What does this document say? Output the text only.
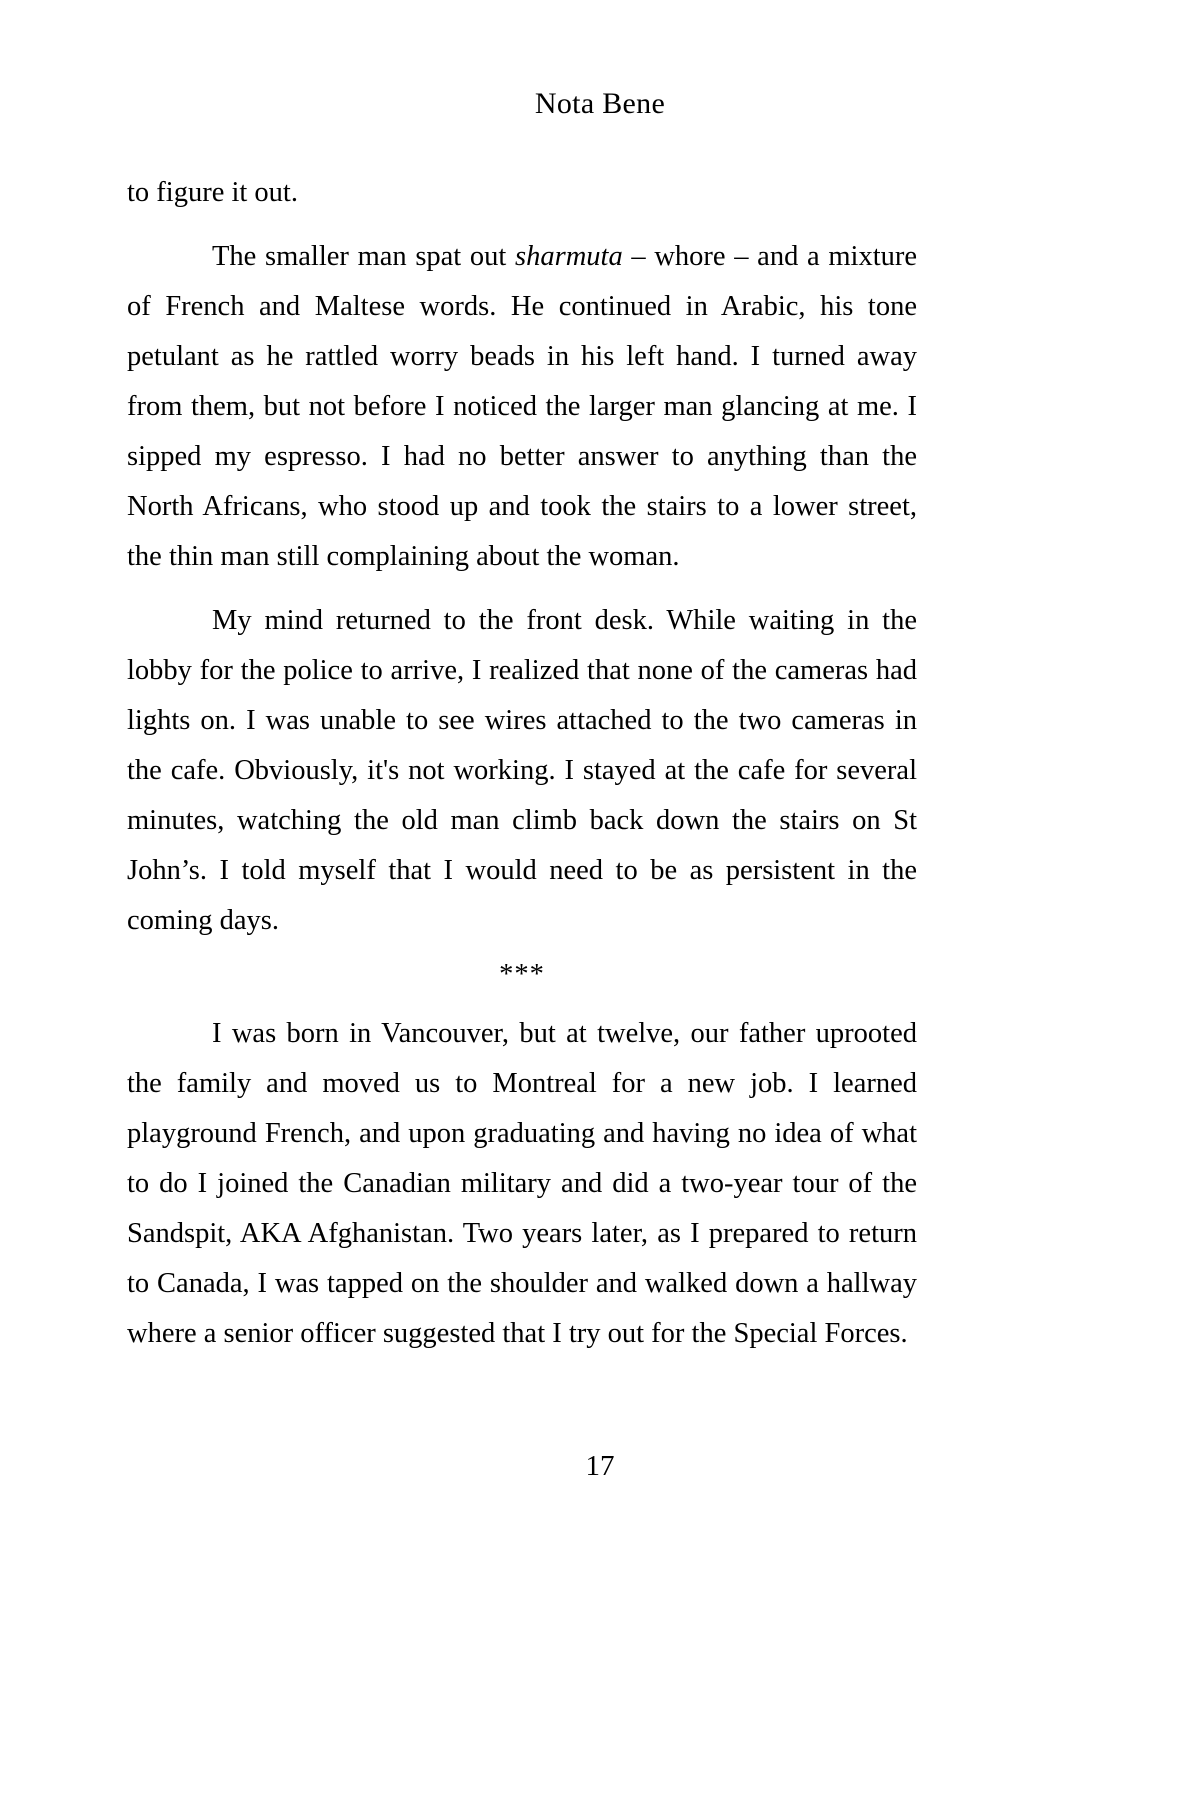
Nota Bene

to figure it out.

The smaller man spat out sharmuta – whore – and a mixture of French and Maltese words. He continued in Arabic, his tone petulant as he rattled worry beads in his left hand. I turned away from them, but not before I noticed the larger man glancing at me. I sipped my espresso. I had no better answer to anything than the North Africans, who stood up and took the stairs to a lower street, the thin man still complaining about the woman.

My mind returned to the front desk. While waiting in the lobby for the police to arrive, I realized that none of the cameras had lights on. I was unable to see wires attached to the two cameras in the cafe. Obviously, it's not working. I stayed at the cafe for several minutes, watching the old man climb back down the stairs on St John’s. I told myself that I would need to be as persistent in the coming days.

***

I was born in Vancouver, but at twelve, our father uprooted the family and moved us to Montreal for a new job. I learned playground French, and upon graduating and having no idea of what to do I joined the Canadian military and did a two-year tour of the Sandspit, AKA Afghanistan. Two years later, as I prepared to return to Canada, I was tapped on the shoulder and walked down a hallway where a senior officer suggested that I try out for the Special Forces.

17
